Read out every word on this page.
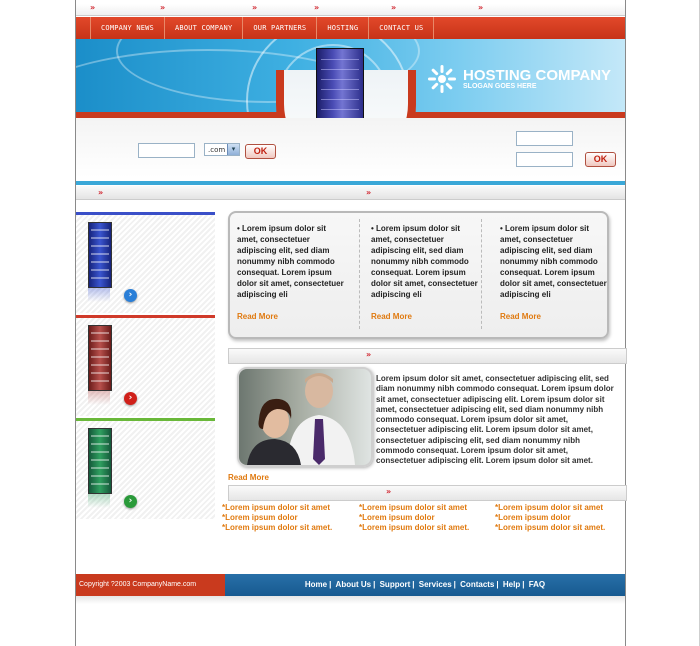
»	»	»	»	»	»
COMPANY NEWS	ABOUT COMPANY	OUR PARTNERS	HOSTING	CONTACT US
HOSTING COMPANY
SLOGAN GOES HERE
.com ▾	OK
OK
»	»
›
›
›
• Lorem ipsum dolor sit amet, consectetuer adipiscing elit, sed diam nonummy nibh commodo consequat. Lorem ipsum dolor sit amet, consectetuer adipiscing eli
Read More
• Lorem ipsum dolor sit amet, consectetuer adipiscing elit, sed diam nonummy nibh commodo consequat. Lorem ipsum dolor sit amet, consectetuer adipiscing eli
Read More
• Lorem ipsum dolor sit amet, consectetuer adipiscing elit, sed diam nonummy nibh commodo consequat. Lorem ipsum dolor sit amet, consectetuer adipiscing eli
Read More
»
Lorem ipsum dolor sit amet, consectetuer adipiscing elit, sed diam nonummy nibh commodo consequat. Lorem ipsum dolor sit amet, consectetuer adipiscing elit. Lorem ipsum dolor sit amet, consectetuer adipiscing elit, sed diam nonummy nibh commodo consequat. Lorem ipsum dolor sit amet, consectetuer adipiscing elit. Lorem ipsum dolor sit amet, consectetuer adipiscing elit, sed diam nonummy nibh commodo consequat. Lorem ipsum dolor sit amet, consectetuer adipiscing elit. Lorem ipsum dolor sit amet.
Read More
»
*Lorem ipsum dolor sit amet
*Lorem ipsum dolor
*Lorem ipsum dolor sit amet.
*Lorem ipsum dolor sit amet
*Lorem ipsum dolor
*Lorem ipsum dolor sit amet.
*Lorem ipsum dolor sit amet
*Lorem ipsum dolor
*Lorem ipsum dolor sit amet.
Copyright ?2003 CompanyName.com	Home | About Us | Support | Services | Contacts | Help | FAQ
